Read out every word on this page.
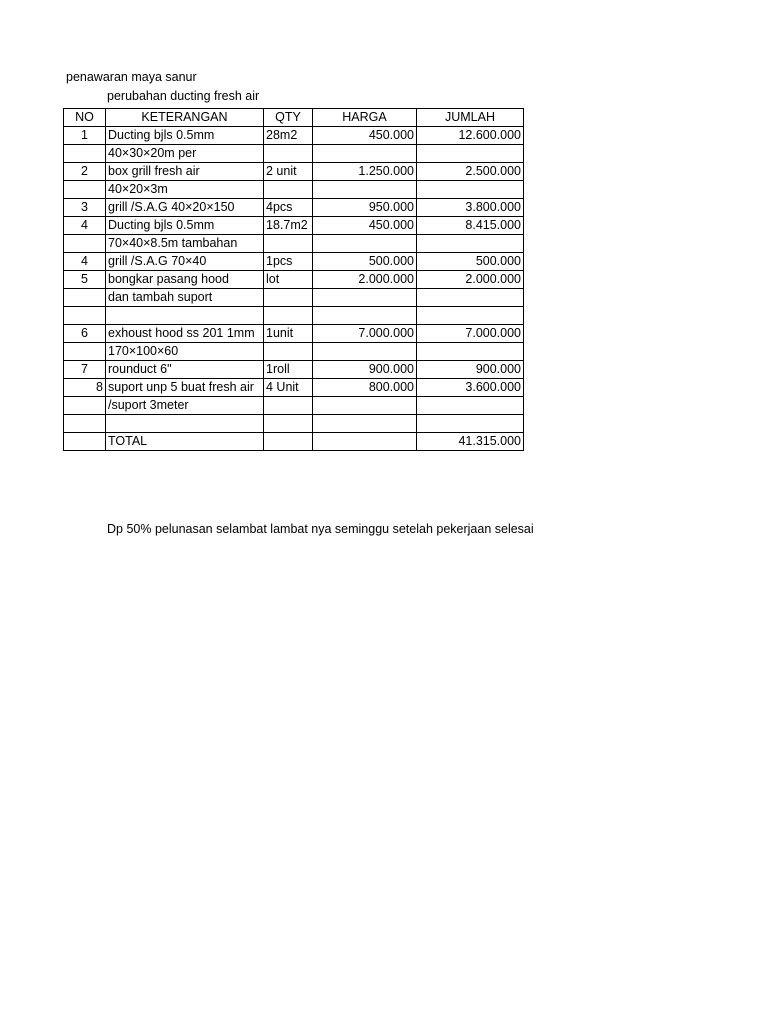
penawaran maya sanur
perubahan ducting fresh air
NO	KETERANGAN	QTY	HARGA	JUMLAH
1	Ducting bjls 0.5mm	28m2	450.000	12.600.000
	40×30×20m per			
2	box grill fresh air	2 unit	1.250.000	2.500.000
	40×20×3m			
3	grill /S.A.G 40×20×150	4pcs	950.000	3.800.000
4	Ducting bjls 0.5mm	18.7m2	450.000	8.415.000
	70×40×8.5m tambahan			
4	grill /S.A.G 70×40	1pcs	500.000	500.000
5	bongkar pasang hood	lot	2.000.000	2.000.000
	dan tambah suport			

6	exhoust hood ss 201 1mm	1unit	7.000.000	7.000.000
	170×100×60			
7	rounduct 6"	1roll	900.000	900.000
8	suport unp 5 buat fresh air	4 Unit	800.000	3.600.000
	/suport 3meter			

	TOTAL			41.315.000
Dp 50% pelunasan selambat lambat nya seminggu setelah pekerjaan selesai
